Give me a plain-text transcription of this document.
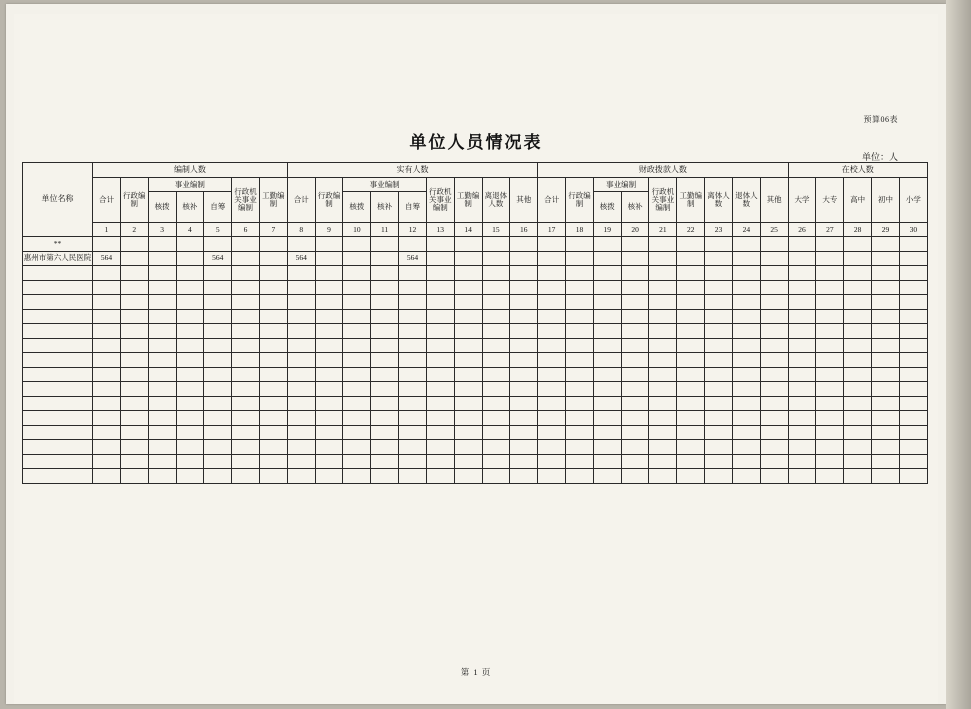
预算06表
单位人员情况表
单位：人
单位名称	编制人数							实有人数									财政拨款人数									在校人数				
	合计	行政编制	事业编制			行政机关事业编制	工勤编制	合计	行政编制	事业编制			行政机关事业编制	工勤编制	离退体人数	其他	合计	行政编制	事业编制		行政机关事业编制	工勤编制	离体人数	退体人数	其他	大学	大专	高中	初中	小学
			核拨	核补	自筹					核拨	核补	自筹							核拨	核补										
	1	2	3	4	5	6	7	8	9	10	11	12	13	14	15	16	17	18	19	20	21	22	23	24	25	26	27	28	29	30
**																														
惠州市第六人民医院	564				564			564				564																		

第 1 页
